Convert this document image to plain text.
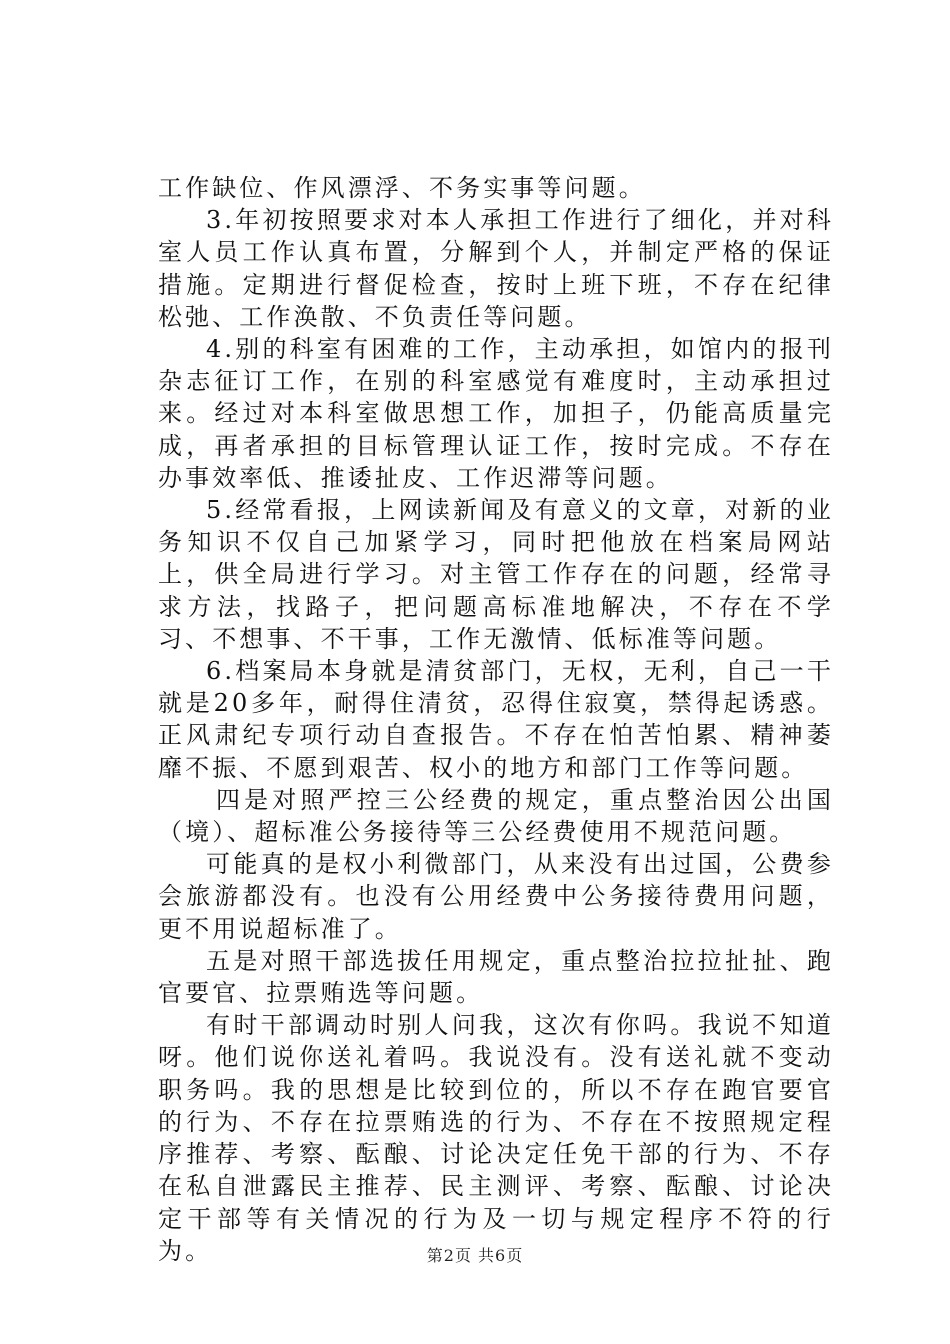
工作缺位、作风漂浮、不务实事等问题。

3.年初按照要求对本人承担工作进行了细化，并对科室人员工作认真布置，分解到个人，并制定严格的保证措施。定期进行督促检查，按时上班下班，不存在纪律松弛、工作涣散、不负责任等问题。

4.别的科室有困难的工作，主动承担，如馆内的报刊杂志征订工作，在别的科室感觉有难度时，主动承担过来。经过对本科室做思想工作，加担子，仍能高质量完成，再者承担的目标管理认证工作，按时完成。不存在办事效率低、推诿扯皮、工作迟滞等问题。

5.经常看报，上网读新闻及有意义的文章，对新的业务知识不仅自己加紧学习，同时把他放在档案局网站上，供全局进行学习。对主管工作存在的问题，经常寻求方法，找路子，把问题高标准地解决，不存在不学习、不想事、不干事，工作无激情、低标准等问题。

6.档案局本身就是清贫部门，无权，无利，自己一干就是20多年，耐得住清贫，忍得住寂寞，禁得起诱惑。正风肃纪专项行动自查报告。不存在怕苦怕累、精神萎靡不振、不愿到艰苦、权小的地方和部门工作等问题。

四是对照严控三公经费的规定，重点整治因公出国（境）、超标准公务接待等三公经费使用不规范问题。

可能真的是权小利微部门，从来没有出过国，公费参会旅游都没有。也没有公用经费中公务接待费用问题，更不用说超标准了。

五是对照干部选拔任用规定，重点整治拉拉扯扯、跑官要官、拉票贿选等问题。

有时干部调动时别人问我，这次有你吗。我说不知道呀。他们说你送礼着吗。我说没有。没有送礼就不变动职务吗。我的思想是比较到位的，所以不存在跑官要官的行为、不存在拉票贿选的行为、不存在不按照规定程序推荐、考察、酝酿、讨论决定任免干部的行为、不存在私自泄露民主推荐、民主测评、考察、酝酿、讨论决定干部等有关情况的行为及一切与规定程序不符的行为。	第2页 共6页
